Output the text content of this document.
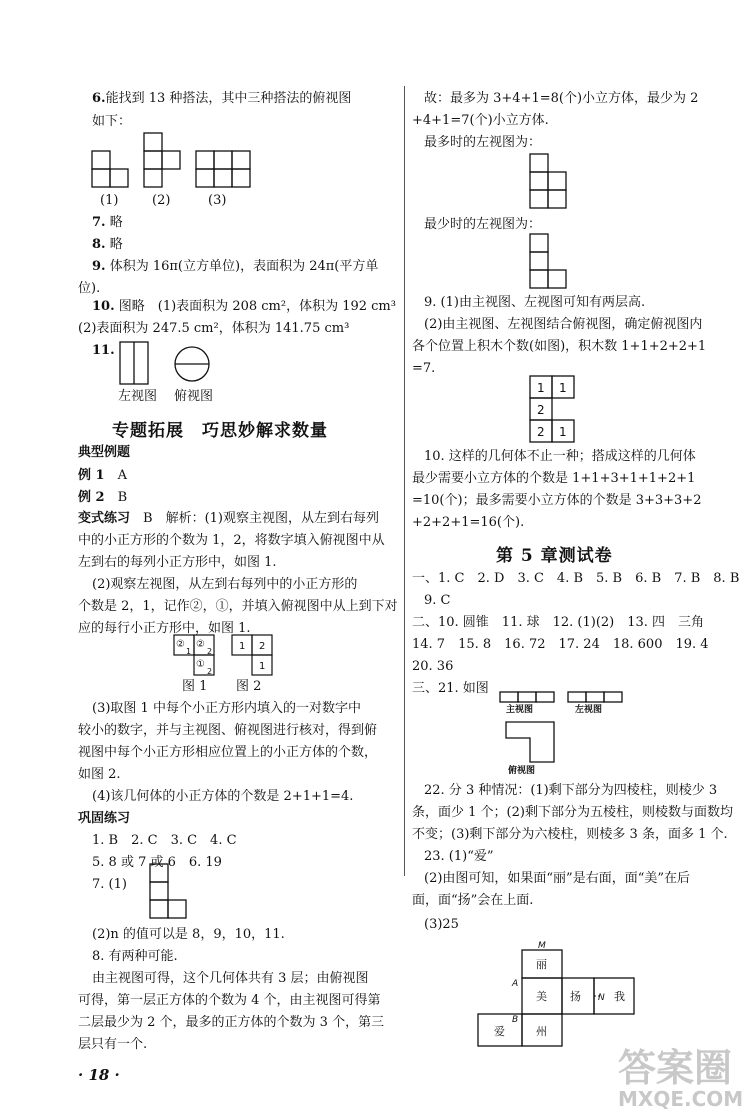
6.能找到 13 种搭法，其中三种搭法的俯视图
如下：
(1)	(2)	(3)
7. 略
8. 略
9. 体积为 16π(立方单位)，表面积为 24π(平方单
位).
10. 图略　(1)表面积为 208 cm²，体积为 192 cm³
(2)表面积为 247.5 cm²，体积为 141.75 cm³
11.
左视图 俯视图
专题拓展　巧思妙解求数量
典型例题
例 1　 A
例 2　 B
变式练习　 B　解析：(1)观察主视图，从左到右每列
中的小正方形的个数为 1，2，将数字填入俯视图中从
左到右的每列小正方形中，如图 1.
(2)观察左视图，从左到右每列中的小正方形的
个数是 2，1，记作②，①，并填入俯视图中从上到下对
应的每行小正方形中，如图 1.
②
1
②
2
①
2
1 2
1
图 1 图 2
(3)取图 1 中每个小正方形内填入的一对数字中
较小的数字，并与主视图、俯视图进行核对，得到俯
视图中每个小正方形相应位置上的小正方体的个数，
如图 2.
(4)该几何体的小正方体的个数是 2+1+1=4.
巩固练习
1. B　2. C　3. C　4. C
5. 8 或 7 或 6　6. 19
7. (1)
(2)n 的值可以是 8，9，10，11.
8. 有两种可能.
由主视图可得，这个几何体共有 3 层；由俯视图
可得，第一层正方体的个数为 4 个，由主视图可得第
二层最少为 2 个，最多的正方体的个数为 3 个，第三
层只有一个.
· 18 ·
故：最多为 3+4+1=8(个)小立方体，最少为 2
+4+1=7(个)小立方体.
最多时的左视图为：
最少时的左视图为：
9. (1)由主视图、左视图可知有两层高.
(2)由主视图、左视图结合俯视图，确定俯视图内
各个位置上积木个数(如图)，积木数 1+1+2+2+1
=7.
1 1
2
2 1
10. 这样的几何体不止一种；搭成这样的几何体
最少需要小立方体的个数是 1+1+3+1+1+2+1
=10(个)；最多需要小立方体的个数是 3+3+3+2
+2+2+1=16(个).
第 5 章测试卷
一、1. C　2. D　3. C　4. B　5. B　6. B　7. B　8. B
9. C
二、10. 圆锥　11. 球　12. (1)(2)　13. 四　三角
14. 7　15. 8　16. 72　17. 24　18. 600　19. 4
20. 36
三、21. 如图
主视图	左视图
俯视图
22. 分 3 种情况：(1)剩下部分为四棱柱，则棱少 3
条，面少 1 个；(2)剩下部分为五棱柱，则棱数与面数均
不变；(3)剩下部分为六棱柱，则棱多 3 条，面多 1 个.
23. (1)“爱”
(2)由图可知，如果面“丽”是右面，面“美”在后
面，面“扬”会在上面.
(3)25
丽
美 扬	我
爱	州
M
A
N
B
答案圈
MXQE.COM
